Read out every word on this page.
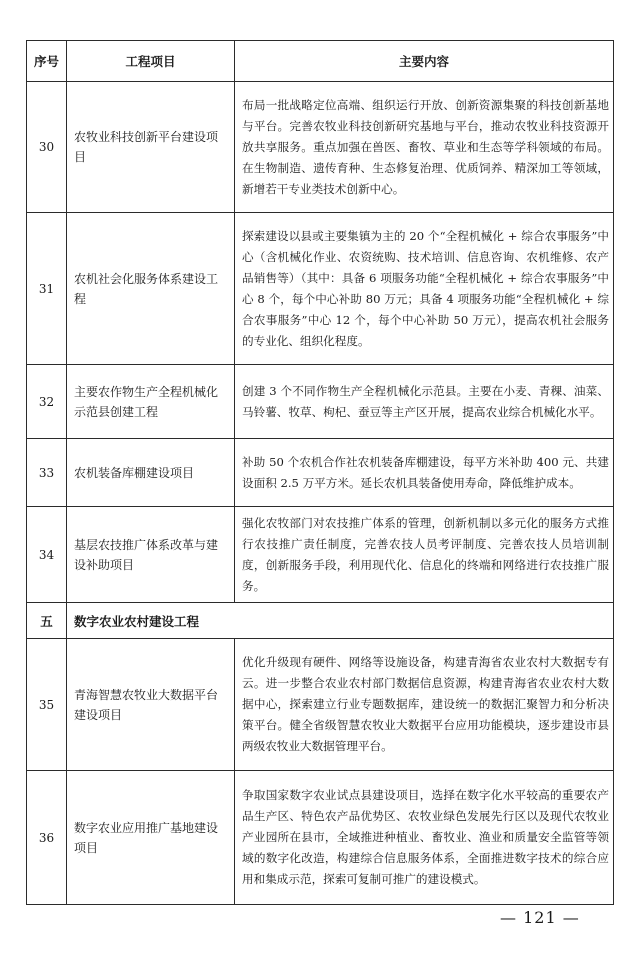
序号	工程项目	主要内容
30	农牧业科技创新平台建设项目	布局一批战略定位高端、组织运行开放、创新资源集聚的科技创新基地与平台。完善农牧业科技创新研究基地与平台，推动农牧业科技资源开放共享服务。重点加强在兽医、畜牧、草业和生态等学科领域的布局。在生物制造、遗传育种、生态修复治理、优质饲养、精深加工等领域，新增若干专业类技术创新中心。
31	农机社会化服务体系建设工程	探索建设以县或主要集镇为主的 20 个“全程机械化 + 综合农事服务”中心（含机械化作业、农资统购、技术培训、信息咨询、农机维修、农产品销售等）（其中：具备 6 项服务功能“全程机械化 + 综合农事服务”中心 8 个，每个中心补助 80 万元；具备 4 项服务功能“全程机械化 + 综合农事服务”中心 12 个，每个中心补助 50 万元），提高农机社会服务的专业化、组织化程度。
32	主要农作物生产全程机械化示范县创建工程	创建 3 个不同作物生产全程机械化示范县。主要在小麦、青稞、油菜、马铃薯、牧草、枸杞、蚕豆等主产区开展，提高农业综合机械化水平。
33	农机装备库棚建设项目	补助 50 个农机合作社农机装备库棚建设，每平方米补助 400 元、共建设面积 2.5 万平方米。延长农机具装备使用寿命，降低维护成本。
34	基层农技推广体系改革与建设补助项目	强化农牧部门对农技推广体系的管理，创新机制以多元化的服务方式推行农技推广责任制度，完善农技人员考评制度、完善农技人员培训制度，创新服务手段，利用现代化、信息化的终端和网络进行农技推广服务。
五	数字农业农村建设工程	
35	青海智慧农牧业大数据平台建设项目	优化升级现有硬件、网络等设施设备，构建青海省农业农村大数据专有云。进一步整合农业农村部门数据信息资源，构建青海省农业农村大数据中心，探索建立行业专题数据库，建设统一的数据汇聚智力和分析决策平台。健全省级智慧农牧业大数据平台应用功能模块，逐步建设市县两级农牧业大数据管理平台。
36	数字农业应用推广基地建设项目	争取国家数字农业试点县建设项目，选择在数字化水平较高的重要农产品生产区、特色农产品优势区、农牧业绿色发展先行区以及现代农牧业产业园所在县市，全域推进种植业、畜牧业、渔业和质量安全监管等领域的数字化改造，构建综合信息服务体系，全面推进数字技术的综合应用和集成示范，探索可复制可推广的建设模式。
— 121 —
